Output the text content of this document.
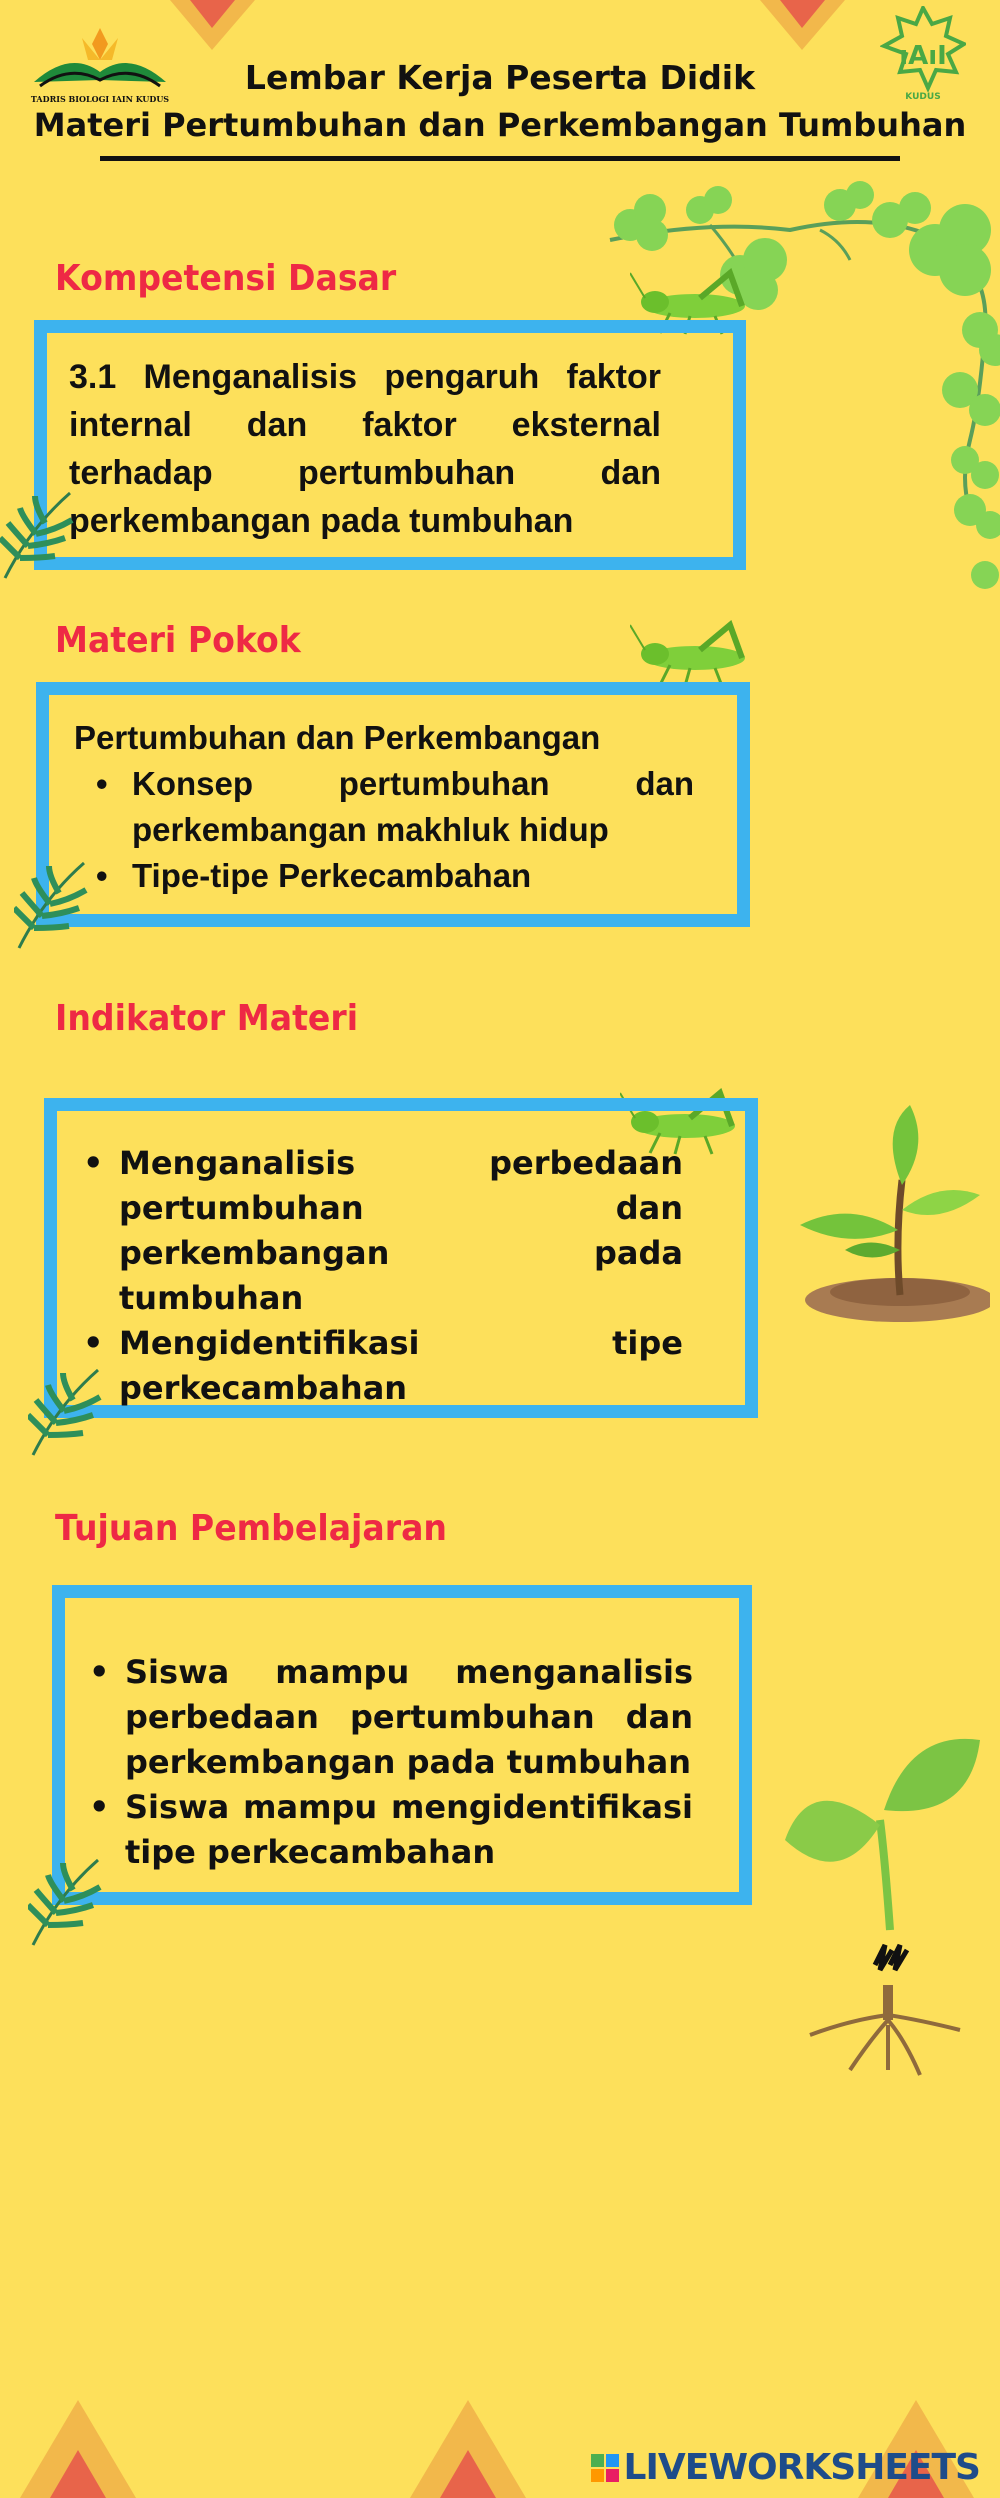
TADRIS BIOLOGI IAIN KUDUS
ıAıI
KUDUS
Lembar Kerja Peserta Didik
Materi Pertumbuhan dan Perkembangan Tumbuhan
Kompetensi Dasar
3.1 Menganalisis pengaruh faktor internal dan faktor eksternal terhadap pertumbuhan dan perkembangan pada tumbuhan
Materi Pokok
Pertumbuhan dan Perkembangan
• Konsep pertumbuhan dan perkembangan makhluk hidup
• Tipe-tipe Perkecambahan
Indikator Materi
• Menganalisis perbedaan pertumbuhan dan perkembangan pada tumbuhan
• Mengidentifikasi tipe perkecambahan
Tujuan Pembelajaran
• Siswa mampu menganalisis perbedaan pertumbuhan dan perkembangan pada tumbuhan
• Siswa mampu mengidentifikasi tipe perkecambahan
LIVEWORKSHEETS
